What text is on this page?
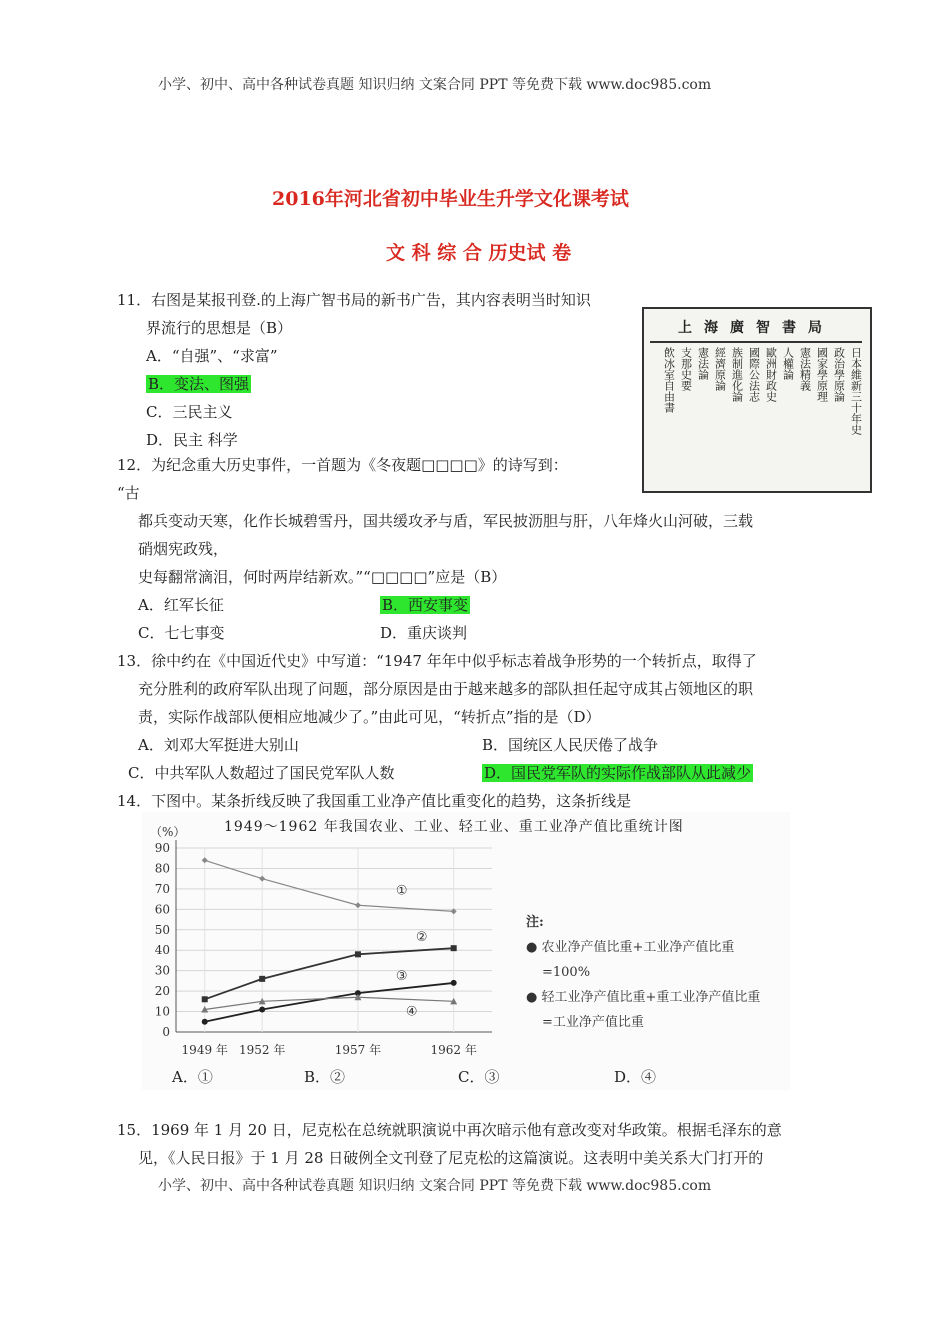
小学、初中、高中各种试卷真题 知识归纳 文案合同 PPT 等免费下载 www.doc985.com
2016年河北省初中毕业生升学文化课考试
文 科 综 合 历史试 卷
11．右图是某报刊登.的上海广智书局的新书广告，其内容表明当时知识
界流行的思想是（B）
A．“自强”、“求富”
B．变法、图强
C．三民主义
D．民主 科学
上海廣智書局
日本維新三十年史
政治學原論
國家學原理
憲法精義
人權論
歐洲財政史
國際公法志
族制進化論
經濟原論
憲法論
支那史要
飲冰室自由書
12．为纪念重大历史事件，一首题为《冬夜题□□□□》的诗写到：
“古
都兵变动天寒，化作长城碧雪丹，国共缓攻矛与盾，军民披沥胆与肝，八年烽火山河破，三载
硝烟宪政残，
史每翻常滴泪，何时两岸结新欢。”“□□□□”应是（B）
A．红军长征	B．西安事变
C．七七事变	D．重庆谈判
13．徐中约在《中国近代史》中写道：“1947 年年中似乎标志着战争形势的一个转折点，取得了
充分胜利的政府军队出现了问题，部分原因是由于越来越多的部队担任起守成其占领地区的职
责，实际作战部队便相应地减少了。”由此可见，“转折点”指的是（D）
A．刘邓大军挺进大别山	B．国统区人民厌倦了战争
C．中共军队人数超过了国民党军队人数	D．国民党军队的实际作战部队从此减少
14．下图中。某条折线反映了我国重工业净产值比重变化的趋势，这条折线是
1949～1962 年我国农业、工业、轻工业、重工业净产值比重统计图
0
10
20
30
40
50
60
70
80
90
（%）
1949 年 1952 年	1957 年	1962 年
①
②
③
④
注:
● 农业净产值比重+工业净产值比重
=100%
● 轻工业净产值比重+重工业净产值比重
=工业净产值比重
A．①	B．②	C．③	D．④
15．1969 年 1 月 20 日，尼克松在总统就职演说中再次暗示他有意改变对华政策。根据毛泽东的意
见，《人民日报》于 1 月 28 日破例全文刊登了尼克松的这篇演说。这表明中美关系大门打开的
小学、初中、高中各种试卷真题 知识归纳 文案合同 PPT 等免费下载 www.doc985.com
